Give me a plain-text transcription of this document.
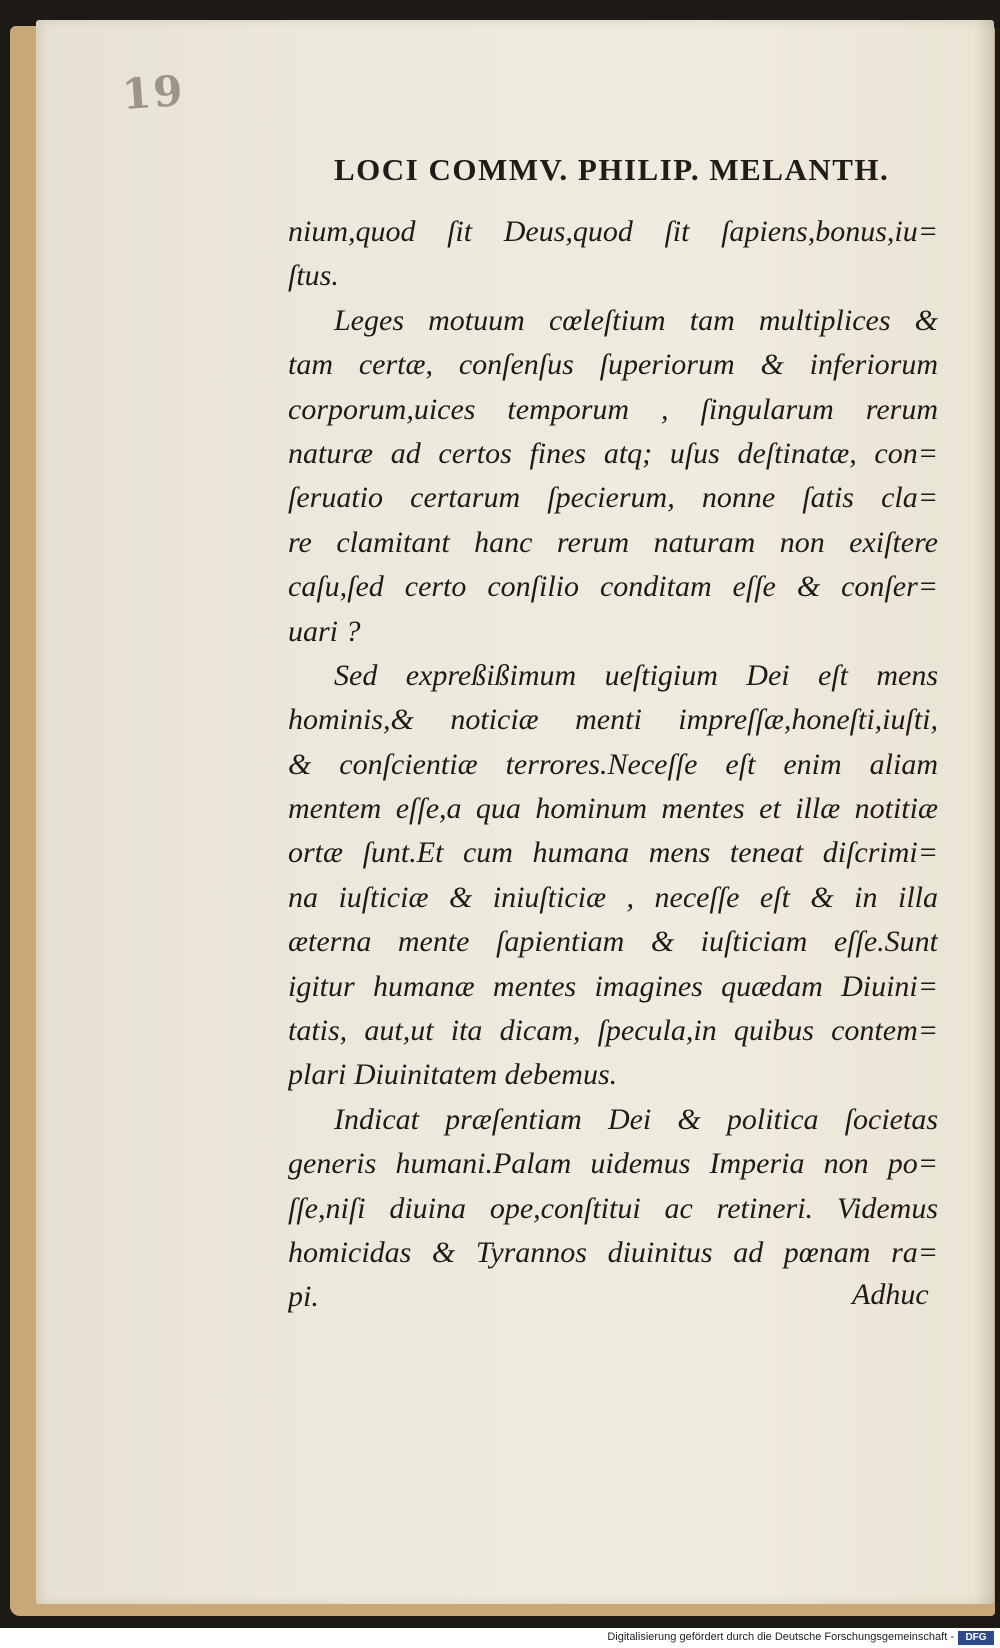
19
LOCI COMMV. PHILIP. MELANTH.
nium,quod ſit Deus,quod ſit ſapiens,bonus,iu=
ſtus.
Leges motuum cœleſtium tam multiplices &
tam certæ, conſenſus ſuperiorum & inferiorum
corporum,uices temporum , ſingularum rerum
naturæ ad certos fines atq; uſus deſtinatæ, con=
ſeruatio certarum ſpecierum, nonne ſatis cla=
re clamitant hanc rerum naturam non exiſtere
caſu,ſed certo conſilio conditam eſſe & conſer=
uari ?
Sed expreßißimum ueſtigium Dei eſt mens
hominis,& noticiæ menti impreſſæ,honeſti,iuſti,
& conſcientiæ terrores.Neceſſe eſt enim aliam
mentem eſſe,a qua hominum mentes et illæ notitiæ
ortæ ſunt.Et cum humana mens teneat diſcrimi=
na iuſticiæ & iniuſticiæ , neceſſe eſt & in illa
æterna mente ſapientiam & iuſticiam eſſe.Sunt
igitur humanæ mentes imagines quædam Diuini=
tatis, aut,ut ita dicam, ſpecula,in quibus contem=
plari Diuinitatem debemus.
Indicat præſentiam Dei & politica ſocietas
generis humani.Palam uidemus Imperia non po=
ſſe,niſi diuina ope,conſtitui ac retineri. Videmus
homicidas & Tyrannos diuinitus ad pœnam ra=
pi.	Adhuc
Digitalisierung gefördert durch die Deutsche Forschungsgemeinschaft -	DFG
